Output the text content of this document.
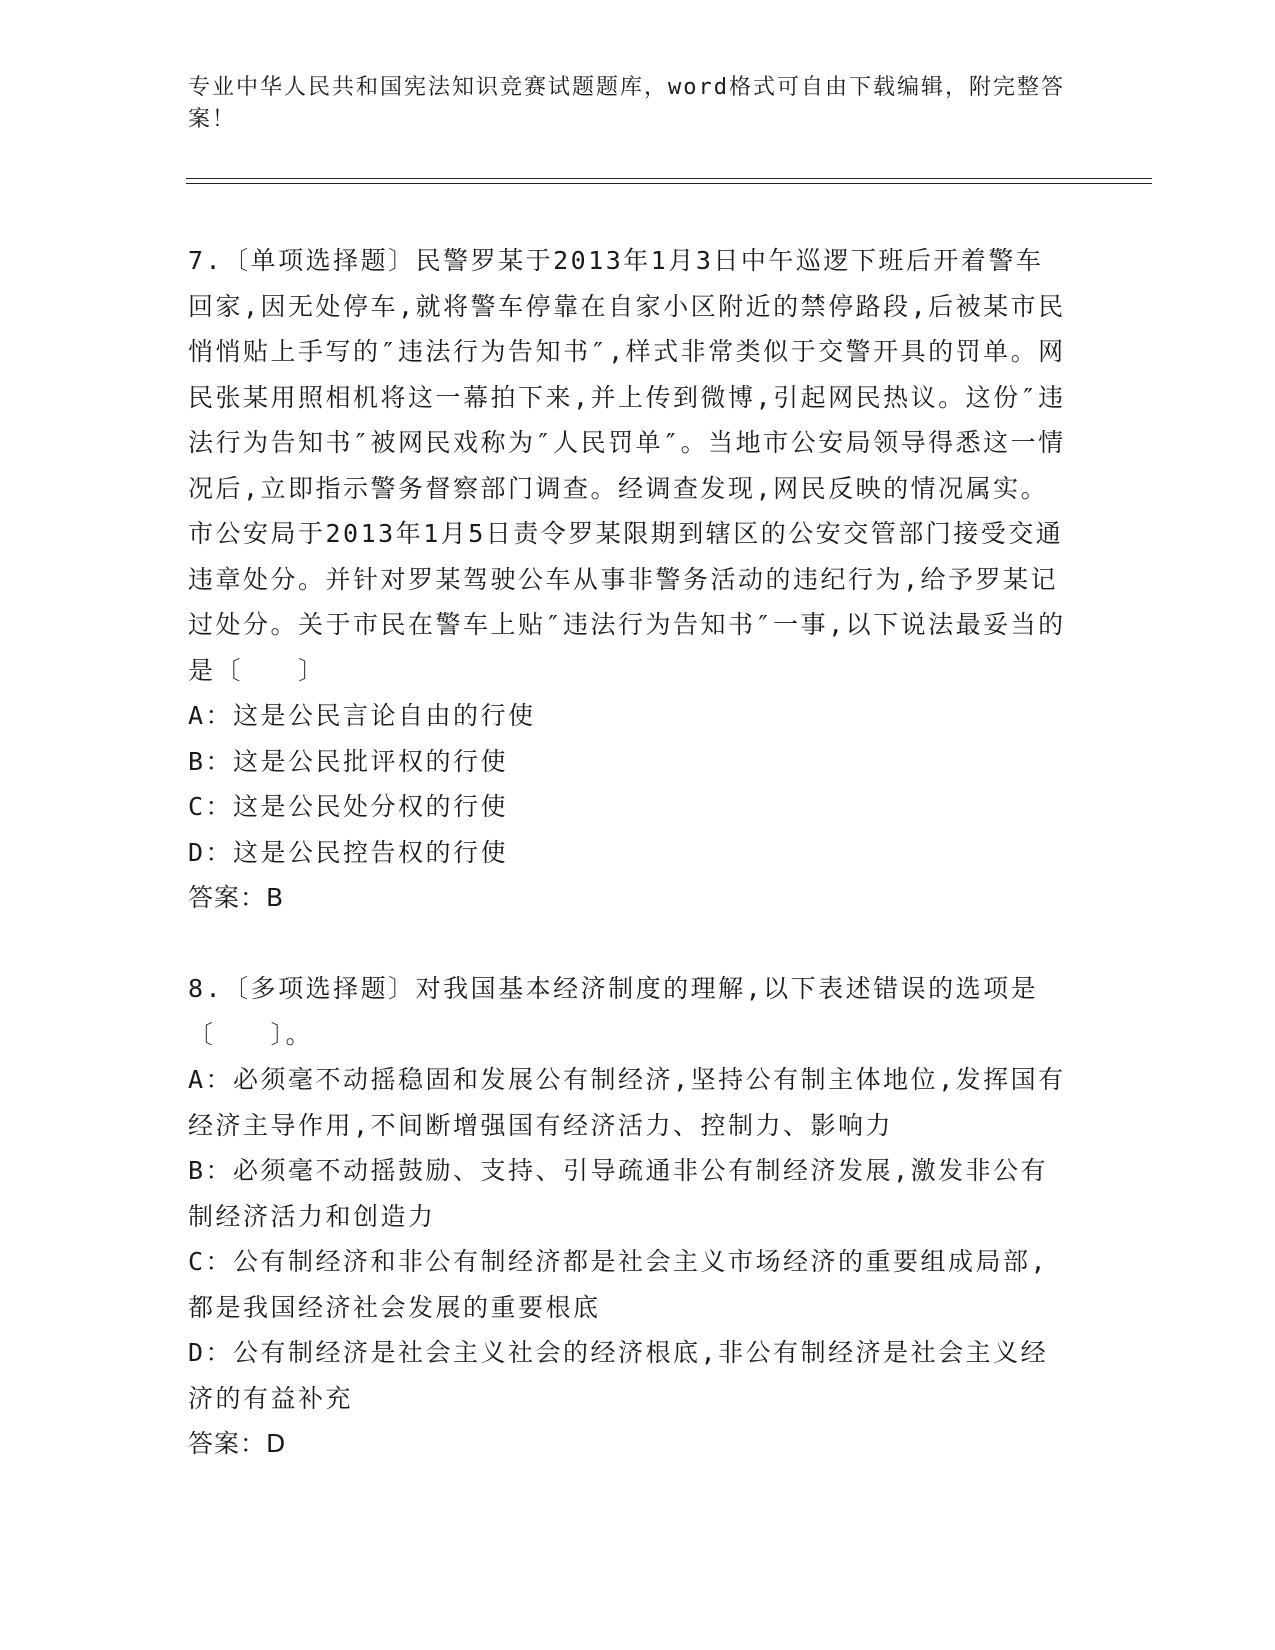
专业中华人民共和国宪法知识竞赛试题题库，word格式可自由下载编辑，附完整答案！

7.〔单项选择题〕民警罗某于2013年1月3日中午巡逻下班后开着警车回家,因无处停车,就将警车停靠在自家小区附近的禁停路段,后被某市民悄悄贴上手写的″违法行为告知书″,样式非常类似于交警开具的罚单。网民张某用照相机将这一幕拍下来,并上传到微博,引起网民热议。这份″违法行为告知书″被网民戏称为″人民罚单″。当地市公安局领导得悉这一情况后,立即指示警务督察部门调查。经调查发现,网民反映的情况属实。市公安局于2013年1月5日责令罗某限期到辖区的公安交管部门接受交通违章处分。并针对罗某驾驶公车从事非警务活动的违纪行为,给予罗某记过处分。关于市民在警车上贴″违法行为告知书″一事,以下说法最妥当的是〔　　〕

A：这是公民言论自由的行使

B：这是公民批评权的行使

C：这是公民处分权的行使

D：这是公民控告权的行使

答案：B

8.〔多项选择题〕对我国基本经济制度的理解,以下表述错误的选项是〔　　〕。

A：必须毫不动摇稳固和发展公有制经济,坚持公有制主体地位,发挥国有经济主导作用,不间断增强国有经济活力、控制力、影响力

B：必须毫不动摇鼓励、支持、引导疏通非公有制经济发展,激发非公有制经济活力和创造力

C：公有制经济和非公有制经济都是社会主义市场经济的重要组成局部,都是我国经济社会发展的重要根底

D：公有制经济是社会主义社会的经济根底,非公有制经济是社会主义经济的有益补充

答案：D
